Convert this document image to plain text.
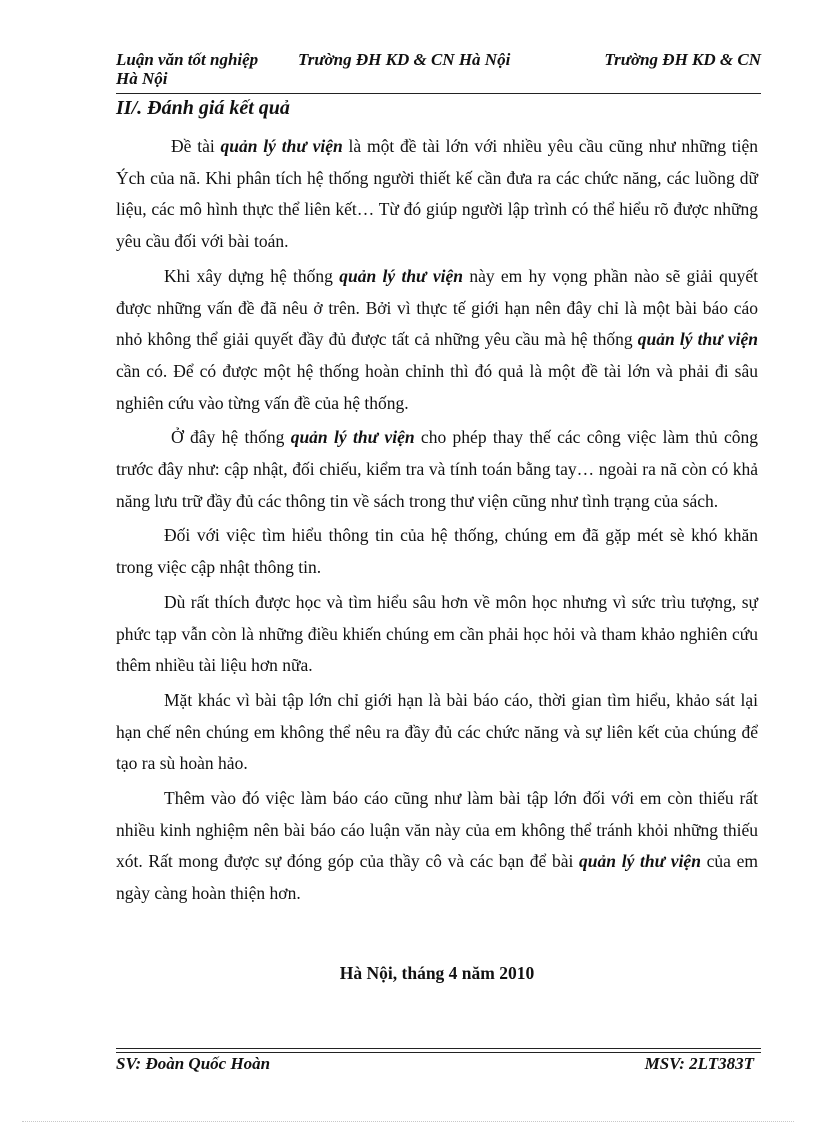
Luận văn tốt nghiệp Trường ĐH KD & CN Hà Nội	Trường ĐH KD & CN
Hà Nội
II/. Đánh giá kết quả

Đề tài quản lý thư viện là một đề tài lớn với nhiều yêu cầu cũng như những tiện Ých của nã. Khi phân tích hệ thống người thiết kế cần đưa ra các chức năng, các luồng dữ liệu, các mô hình thực thể liên kết… Từ đó giúp người lập trình có thể hiểu rõ được những yêu cầu đối với bài toán.

Khi xây dựng hệ thống quản lý thư viện này em hy vọng phần nào sẽ giải quyết được những vấn đề đã nêu ở trên. Bởi vì thực tế giới hạn nên đây chỉ là một bài báo cáo nhỏ không thể giải quyết đầy đủ được tất cả những yêu cầu mà hệ thống quản lý thư viện cần có. Để có được một hệ thống hoàn chỉnh thì đó quả là một đề tài lớn và phải đi sâu nghiên cứu vào từng vấn đề của hệ thống.

Ở đây hệ thống quản lý thư viện cho phép thay thế các công việc làm thủ công trước đây như: cập nhật, đối chiếu, kiểm tra và tính toán bằng tay… ngoài ra nã còn có khả năng lưu trữ đầy đủ các thông tin về sách trong thư viện cũng như tình trạng của sách.

Đối với việc tìm hiểu thông tin của hệ thống, chúng em đã gặp mét sè khó khăn trong việc cập nhật thông tin.

Dù rất thích được học và tìm hiểu sâu hơn về môn học nhưng vì sức trìu tượng, sự phức tạp vẫn còn là những điều khiến chúng em cần phải học hỏi và tham khảo nghiên cứu thêm nhiều tài liệu hơn nữa.

Mặt khác vì bài tập lớn chỉ giới hạn là bài báo cáo, thời gian tìm hiểu, khảo sát lại hạn chế nên chúng em không thể nêu ra đầy đủ các chức năng và sự liên kết của chúng để tạo ra sù hoàn hảo.

Thêm vào đó việc làm báo cáo cũng như làm bài tập lớn đối với em còn thiếu rất nhiều kinh nghiệm nên bài báo cáo luận văn này của em không thể tránh khỏi những thiếu xót. Rất mong được sự đóng góp của thầy cô và các bạn để bài quản lý thư viện của em ngày càng hoàn thiện hơn.

Hà Nội, tháng 4 năm 2010
SV: Đoàn Quốc Hoàn	MSV: 2LT383T
